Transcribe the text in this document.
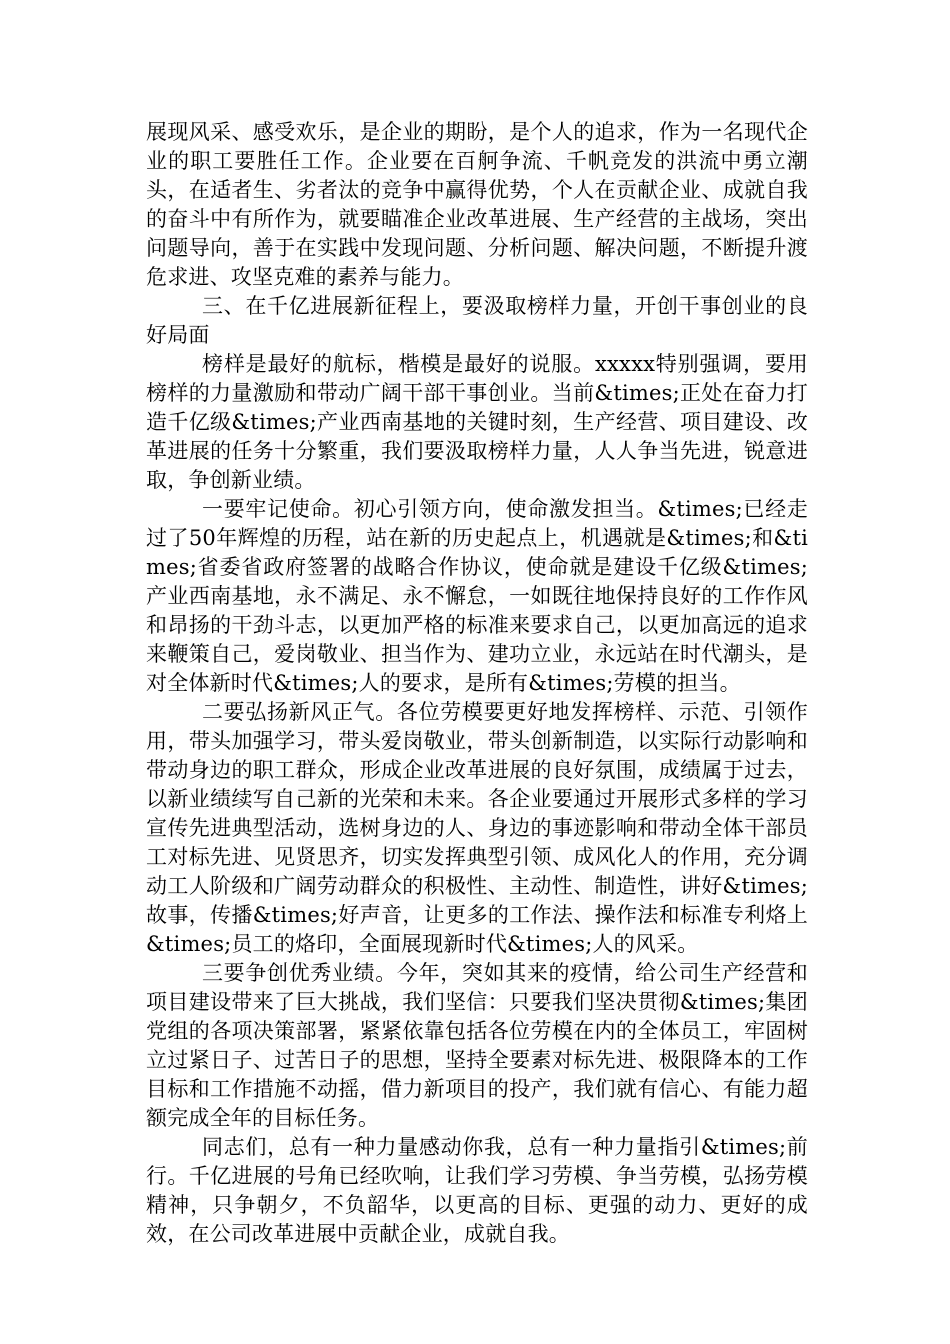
展现风采、感受欢乐，是企业的期盼，是个人的追求，作为一名现代企业的职工要胜任工作。企业要在百舸争流、千帆竞发的洪流中勇立潮头，在适者生、劣者汰的竞争中赢得优势，个人在贡献企业、成就自我的奋斗中有所作为，就要瞄准企业改革进展、生产经营的主战场，突出问题导向，善于在实践中发现问题、分析问题、解决问题，不断提升渡危求进、攻坚克难的素养与能力。

三、在千亿进展新征程上，要汲取榜样力量，开创干事创业的良好局面

榜样是最好的航标，楷模是最好的说服。xxxxx特别强调，要用榜样的力量激励和带动广阔干部干事创业。当前&times;正处在奋力打造千亿级&times;产业西南基地的关键时刻，生产经营、项目建设、改革进展的任务十分繁重，我们要汲取榜样力量，人人争当先进，锐意进取，争创新业绩。

一要牢记使命。初心引领方向，使命激发担当。&times;已经走过了50年辉煌的历程，站在新的历史起点上，机遇就是&times;和&times;省委省政府签署的战略合作协议，使命就是建设千亿级&times;产业西南基地，永不满足、永不懈怠，一如既往地保持良好的工作作风和昂扬的干劲斗志，以更加严格的标准来要求自己，以更加高远的追求来鞭策自己，爱岗敬业、担当作为、建功立业，永远站在时代潮头，是对全体新时代&times;人的要求，是所有&times;劳模的担当。

二要弘扬新风正气。各位劳模要更好地发挥榜样、示范、引领作用，带头加强学习，带头爱岗敬业，带头创新制造，以实际行动影响和带动身边的职工群众，形成企业改革进展的良好氛围，成绩属于过去，以新业绩续写自己新的光荣和未来。各企业要通过开展形式多样的学习宣传先进典型活动，选树身边的人、身边的事迹影响和带动全体干部员工对标先进、见贤思齐，切实发挥典型引领、成风化人的作用，充分调动工人阶级和广阔劳动群众的积极性、主动性、制造性，讲好&times;故事，传播&times;好声音，让更多的工作法、操作法和标准专利烙上&times;员工的烙印，全面展现新时代&times;人的风采。

三要争创优秀业绩。今年，突如其来的疫情，给公司生产经营和项目建设带来了巨大挑战，我们坚信：只要我们坚决贯彻&times;集团党组的各项决策部署，紧紧依靠包括各位劳模在内的全体员工，牢固树立过紧日子、过苦日子的思想，坚持全要素对标先进、极限降本的工作目标和工作措施不动摇，借力新项目的投产，我们就有信心、有能力超额完成全年的目标任务。

同志们，总有一种力量感动你我，总有一种力量指引&times;前行。千亿进展的号角已经吹响，让我们学习劳模、争当劳模，弘扬劳模精神，只争朝夕，不负韶华，以更高的目标、更强的动力、更好的成效，在公司改革进展中贡献企业，成就自我。
